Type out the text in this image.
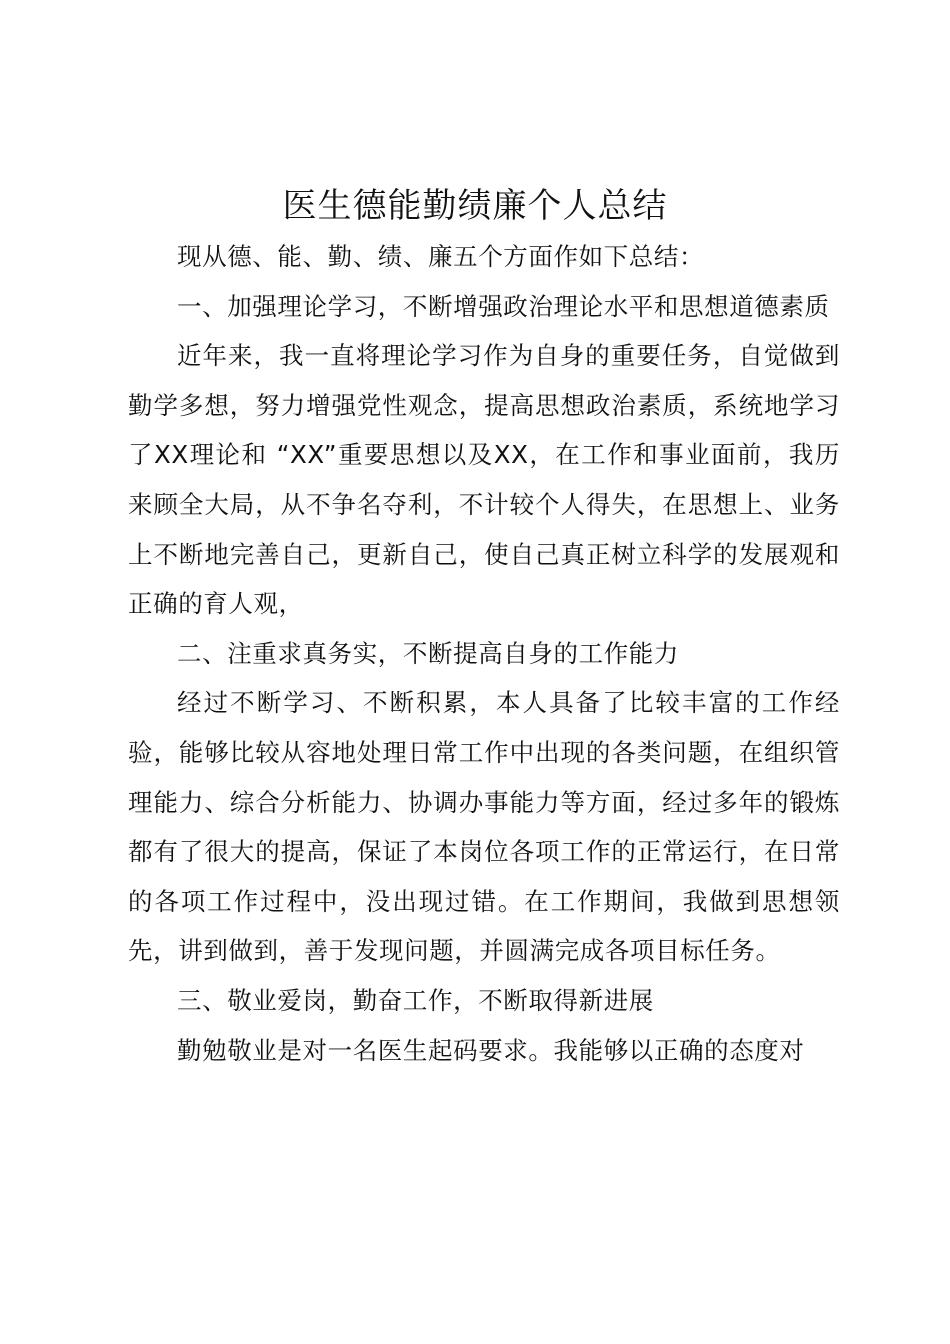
医生德能勤绩廉个人总结

现从德、能、勤、绩、廉五个方面作如下总结：

一、加强理论学习，不断增强政治理论水平和思想道德素质

近年来，我一直将理论学习作为自身的重要任务，自觉做到勤学多想，努力增强党性观念，提高思想政治素质，系统地学习了XX理论和 “XX”重要思想以及XX，在工作和事业面前，我历来顾全大局，从不争名夺利，不计较个人得失，在思想上、业务上不断地完善自己，更新自己，使自己真正树立科学的发展观和正确的育人观，

二、注重求真务实，不断提高自身的工作能力

经过不断学习、不断积累，本人具备了比较丰富的工作经验，能够比较从容地处理日常工作中出现的各类问题，在组织管理能力、综合分析能力、协调办事能力等方面，经过多年的锻炼都有了很大的提高，保证了本岗位各项工作的正常运行，在日常的各项工作过程中，没出现过错。在工作期间，我做到思想领先，讲到做到，善于发现问题，并圆满完成各项目标任务。

三、敬业爱岗，勤奋工作，不断取得新进展

勤勉敬业是对一名医生起码要求。我能够以正确的态度对
